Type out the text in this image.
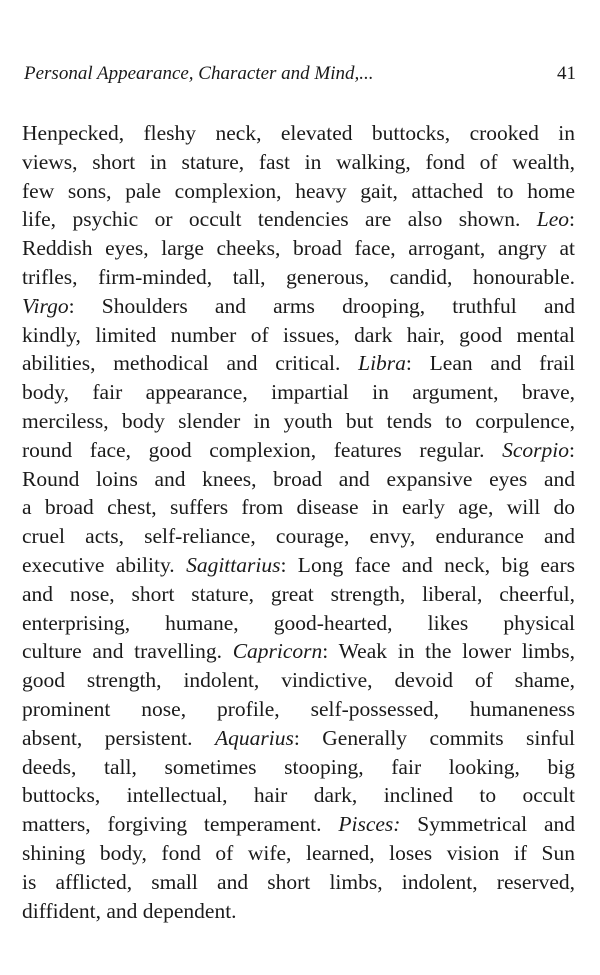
Personal Appearance, Character and Mind,...	41
Henpecked, fleshy neck, elevated buttocks, crooked in
views, short in stature, fast in walking, fond of wealth,
few sons, pale complexion, heavy gait, attached to home
life, psychic or occult tendencies are also shown. Leo:
Reddish eyes, large cheeks, broad face, arrogant, angry at
trifles, firm-minded, tall, generous, candid, honourable.
Virgo: Shoulders and arms drooping, truthful and
kindly, limited number of issues, dark hair, good mental
abilities, methodical and critical. Libra: Lean and frail
body, fair appearance, impartial in argument, brave,
merciless, body slender in youth but tends to corpulence,
round face, good complexion, features regular. Scorpio:
Round loins and knees, broad and expansive eyes and
a broad chest, suffers from disease in early age, will do
cruel acts, self-reliance, courage, envy, endurance and
executive ability. Sagittarius: Long face and neck, big ears
and nose, short stature, great strength, liberal, cheerful,
enterprising, humane, good-hearted, likes physical
culture and travelling. Capricorn: Weak in the lower limbs,
good strength, indolent, vindictive, devoid of shame,
prominent nose, profile, self-possessed, humaneness
absent, persistent. Aquarius: Generally commits sinful
deeds, tall, sometimes stooping, fair looking, big
buttocks, intellectual, hair dark, inclined to occult
matters, forgiving temperament. Pisces: Symmetrical and
shining body, fond of wife, learned, loses vision if Sun
is afflicted, small and short limbs, indolent, reserved,
diffident, and dependent.
